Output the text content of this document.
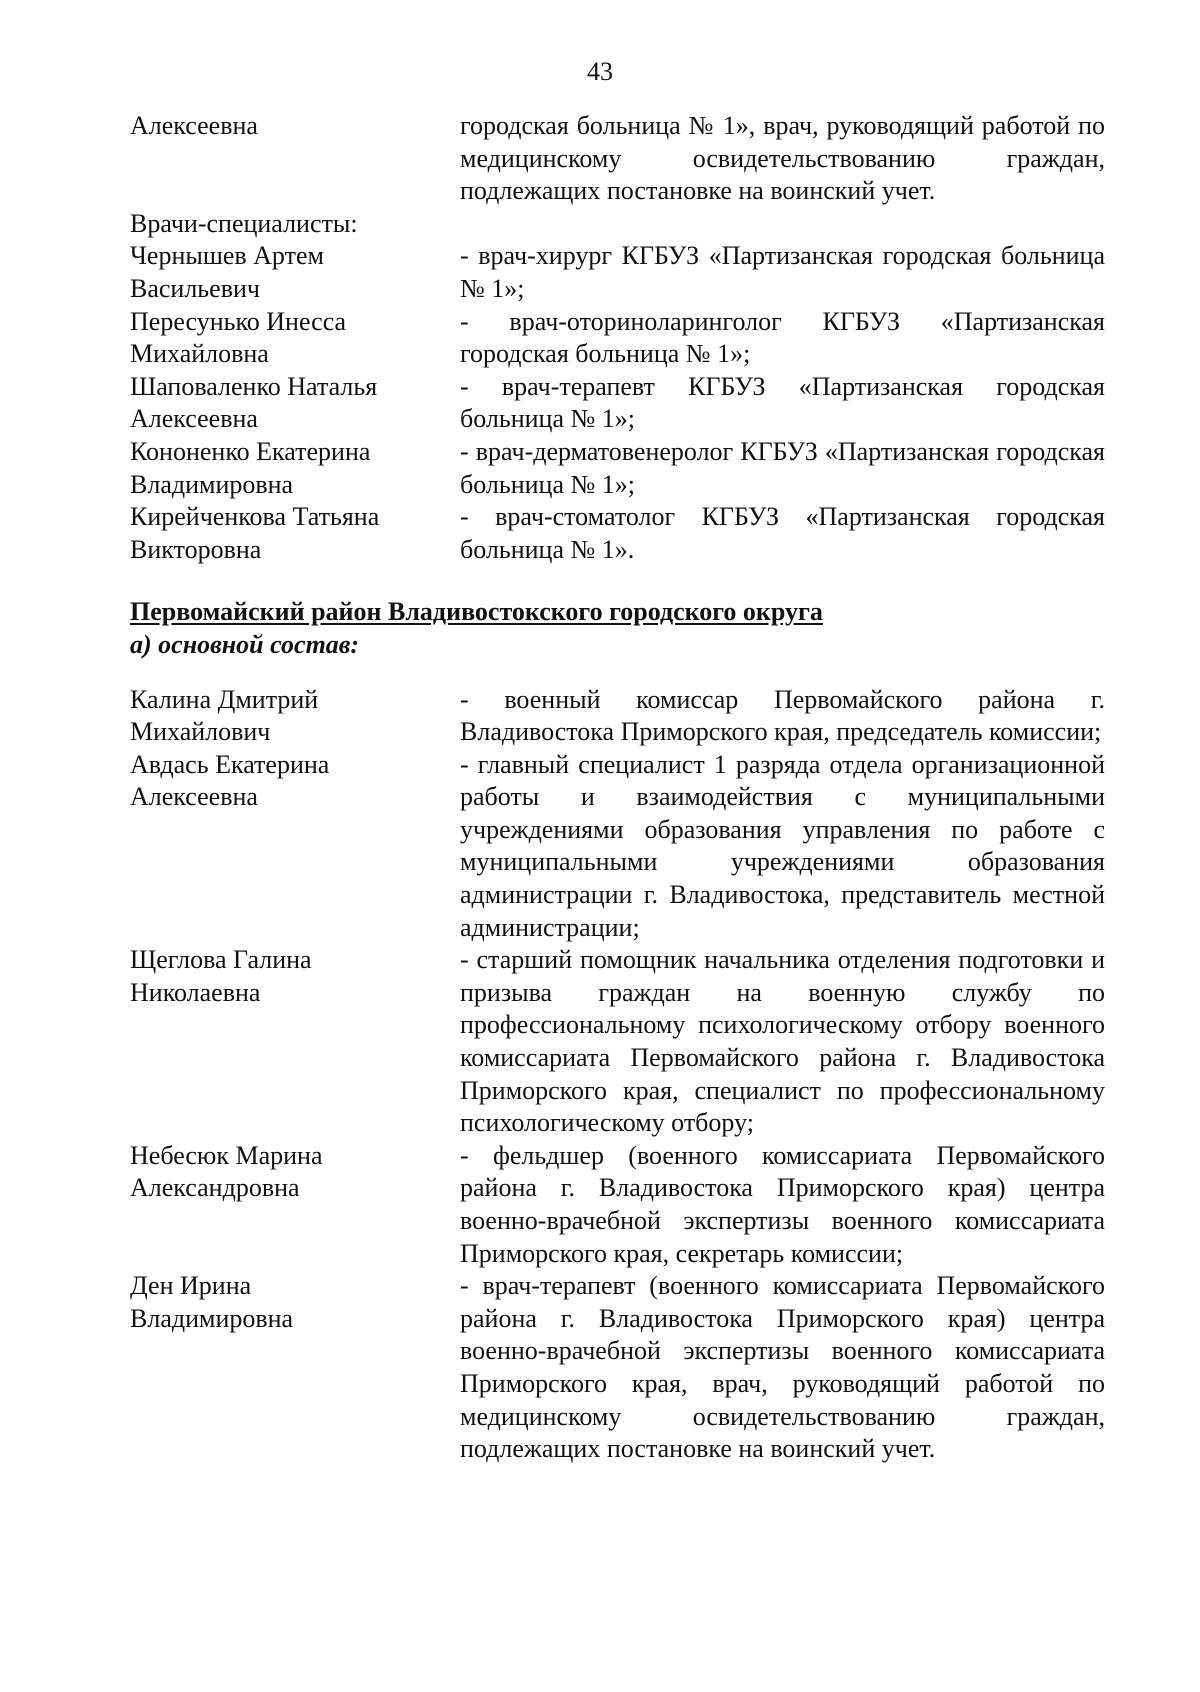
43
Алексеевна	городская больница № 1», врач, руководящий работой по медицинскому освидетельствованию граждан, подлежащих постановке на воинский учет.
Врачи-специалисты:
Чернышев Артем
Васильевич
- врач-хирург КГБУЗ «Партизанская городская больница № 1»;
Пересунько Инесса
Михайловна
- врач-оториноларинголог КГБУЗ «Партизанская городская больница № 1»;
Шаповаленко Наталья
Алексеевна
- врач-терапевт КГБУЗ «Партизанская городская больница № 1»;
Кононенко Екатерина
Владимировна
- врач-дерматовенеролог КГБУЗ «Партизанская городская больница № 1»;
Кирейченкова Татьяна
Викторовна
- врач-стоматолог КГБУЗ «Партизанская городская больница № 1».
Первомайский район Владивостокского городского округа
а) основной состав:
Калина Дмитрий
Михайлович
- военный комиссар Первомайского района г. Владивостока Приморского края, председатель комиссии;
Авдась Екатерина
Алексеевна
- главный специалист 1 разряда отдела организационной работы и взаимодействия с муниципальными учреждениями образования управления по работе с муниципальными учреждениями образования администрации г. Владивостока, представитель местной администрации;
Щеглова Галина
Николаевна
- старший помощник начальника отделения подготовки и призыва граждан на военную службу по профессиональному психологическому отбору военного комиссариата Первомайского района г. Владивостока Приморского края, специалист по профессиональному психологическому отбору;
Небесюк Марина
Александровна
- фельдшер (военного комиссариата Первомайского района г. Владивостока Приморского края) центра военно-врачебной экспертизы военного комиссариата Приморского края, секретарь комиссии;
Ден Ирина
Владимировна
- врач-терапевт (военного комиссариата Первомайского района г. Владивостока Приморского края) центра военно-врачебной экспертизы военного комиссариата Приморского края, врач, руководящий работой по медицинскому освидетельствованию граждан, подлежащих постановке на воинский учет.
